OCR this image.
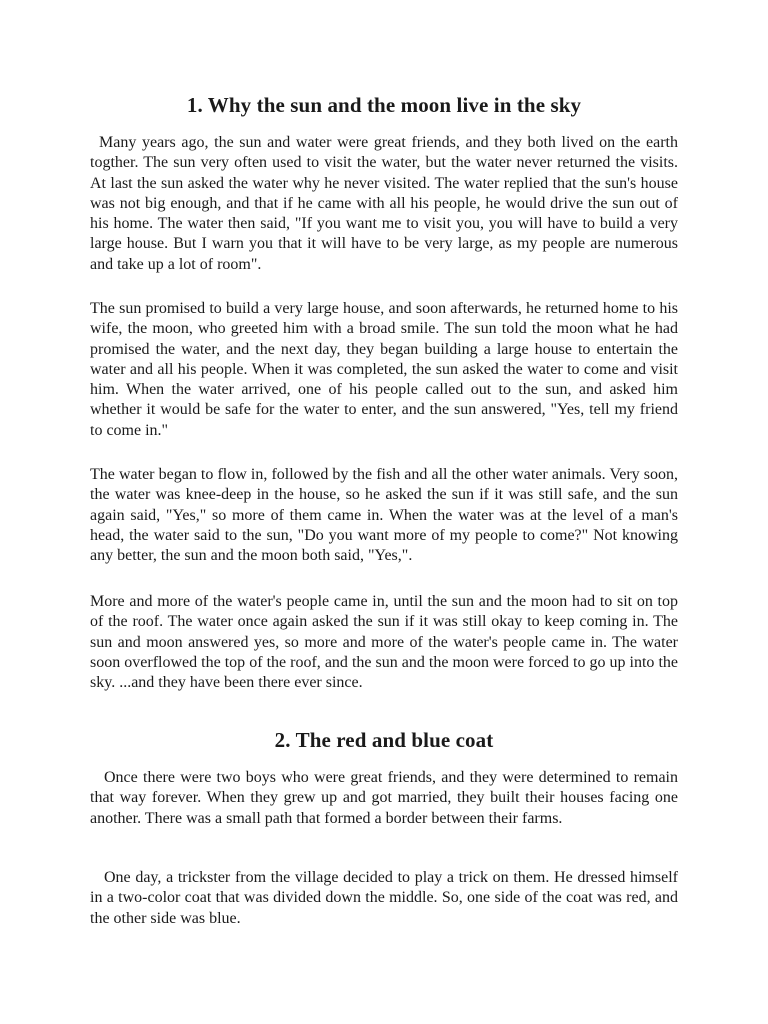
1. Why the sun and the moon live in the sky

Many years ago, the sun and water were great friends, and they both lived on the earth togther. The sun very often used to visit the water, but the water never returned the visits. At last the sun asked the water why he never visited. The water replied that the sun's house was not big enough, and that if he came with all his people, he would drive the sun out of his home. The water then said, "If you want me to visit you, you will have to build a very large house. But I warn you that it will have to be very large, as my people are numerous and take up a lot of room".

The sun promised to build a very large house, and soon afterwards, he returned home to his wife, the moon, who greeted him with a broad smile. The sun told the moon what he had promised the water, and the next day, they began building a large house to entertain the water and all his people. When it was completed, the sun asked the water to come and visit him. When the water arrived, one of his people called out to the sun, and asked him whether it would be safe for the water to enter, and the sun answered, "Yes, tell my friend to come in."

The water began to flow in, followed by the fish and all the other water animals. Very soon, the water was knee-deep in the house, so he asked the sun if it was still safe, and the sun again said, "Yes," so more of them came in. When the water was at the level of a man's head, the water said to the sun, "Do you want more of my people to come?" Not knowing any better, the sun and the moon both said, "Yes,".

More and more of the water's people came in, until the sun and the moon had to sit on top of the roof. The water once again asked the sun if it was still okay to keep coming in. The sun and moon answered yes, so more and more of the water's people came in. The water soon overflowed the top of the roof, and the sun and the moon were forced to go up into the sky. ...and they have been there ever since.

2. The red and blue coat

Once there were two boys who were great friends, and they were determined to remain that way forever. When they grew up and got married, they built their houses facing one another. There was a small path that formed a border between their farms.

One day, a trickster from the village decided to play a trick on them. He dressed himself in a two-color coat that was divided down the middle. So, one side of the coat was red, and the other side was blue.
